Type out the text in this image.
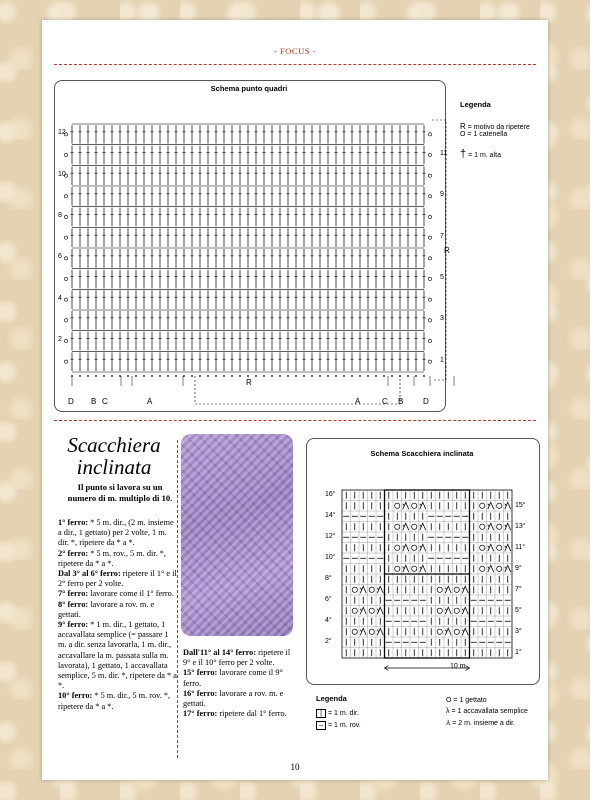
- FOCUS -
Schema punto quadri
R
R
Legenda
R = motivo da ripetere
O = 1 catenella
† = 1 m. alta
Scacchiera
inclinata
Il punto si lavora su un numero di m. multiplo di 10.
1° ferro: * 5 m. dir., (2 m. insieme a dir., 1 gettato) per 2 volte, 1 m. dir. *, ripetere da * a *.
2° ferro: * 5 m. rov., 5 m. dir. *, ripetere da * a *.
Dal 3° al 6° ferro: ripetere il 1° e il 2° ferro per 2 volte.
7° ferro: lavorare come il 1° ferro.
8° ferro: lavorare a rov. m. e gettati.
9° ferro: * 1 m. dir., 1 gettato, 1 accavallata semplice (= passare 1 m. a dir. senza lavorarla, 1 m. dir., accavallare la m. passata sulla m. lavorata), 1 gettato, 1 accavallata semplice, 5 m. dir. *, ripetere da * a *.
10° ferro: * 5 m. dir., 5 m. rov. *, ripetere da * a *.
Dall'11° al 14° ferro: ripetere il 9° e il 10° ferro per 2 volte.
15° ferro: lavorare come il 9° ferro.
16° ferro: lavorare a rov. m. e gettati.
17° ferro: ripetere dal 1° ferro.
Schema Scacchiera inclinata
10 m.
Legenda
| = 1 m. dir.
– = 1 m. rov.
O = 1 gettato
λ = 1 accavallata semplice
⅄ = 2 m. insieme a dir.
10
12
10
8
6
4
2
11
9
7
5
3
1
D B C	A	A	C B D
16°
14°
12°
10°
8°
6°
4°
2°
15°
13°
11°
9°
7°
5°
3°
1°
